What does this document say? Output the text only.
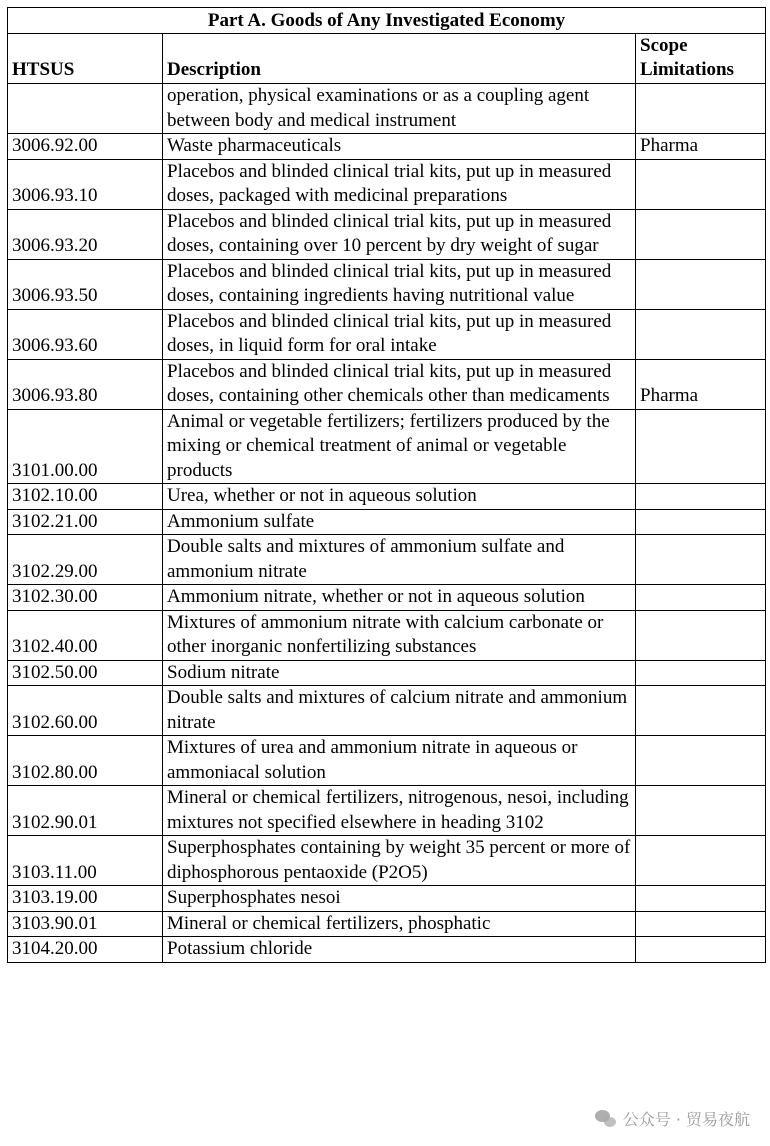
Part A. Goods of Any Investigated Economy		
HTSUS	Description	Scope Limitations
	operation, physical examinations or as a coupling agent between body and medical instrument	
3006.92.00	Waste pharmaceuticals	Pharma
3006.93.10	Placebos and blinded clinical trial kits, put up in measured doses, packaged with medicinal preparations	
3006.93.20	Placebos and blinded clinical trial kits, put up in measured doses, containing over 10 percent by dry weight of sugar	
3006.93.50	Placebos and blinded clinical trial kits, put up in measured doses, containing ingredients having nutritional value	
3006.93.60	Placebos and blinded clinical trial kits, put up in measured doses, in liquid form for oral intake	
3006.93.80	Placebos and blinded clinical trial kits, put up in measured doses, containing other chemicals other than medicaments	Pharma
3101.00.00	Animal or vegetable fertilizers; fertilizers produced by the mixing or chemical treatment of animal or vegetable products	
3102.10.00	Urea, whether or not in aqueous solution	
3102.21.00	Ammonium sulfate	
3102.29.00	Double salts and mixtures of ammonium sulfate and ammonium nitrate	
3102.30.00	Ammonium nitrate, whether or not in aqueous solution	
3102.40.00	Mixtures of ammonium nitrate with calcium carbonate or other inorganic nonfertilizing substances	
3102.50.00	Sodium nitrate	
3102.60.00	Double salts and mixtures of calcium nitrate and ammonium nitrate	
3102.80.00	Mixtures of urea and ammonium nitrate in aqueous or ammoniacal solution	
3102.90.01	Mineral or chemical fertilizers, nitrogenous, nesoi, including mixtures not specified elsewhere in heading 3102	
3103.11.00	Superphosphates containing by weight 35 percent or more of diphosphorous pentaoxide (P2O5)	
3103.19.00	Superphosphates nesoi	
3103.90.01	Mineral or chemical fertilizers, phosphatic	
3104.20.00	Potassium chloride	
公众号 · 贸易夜航
